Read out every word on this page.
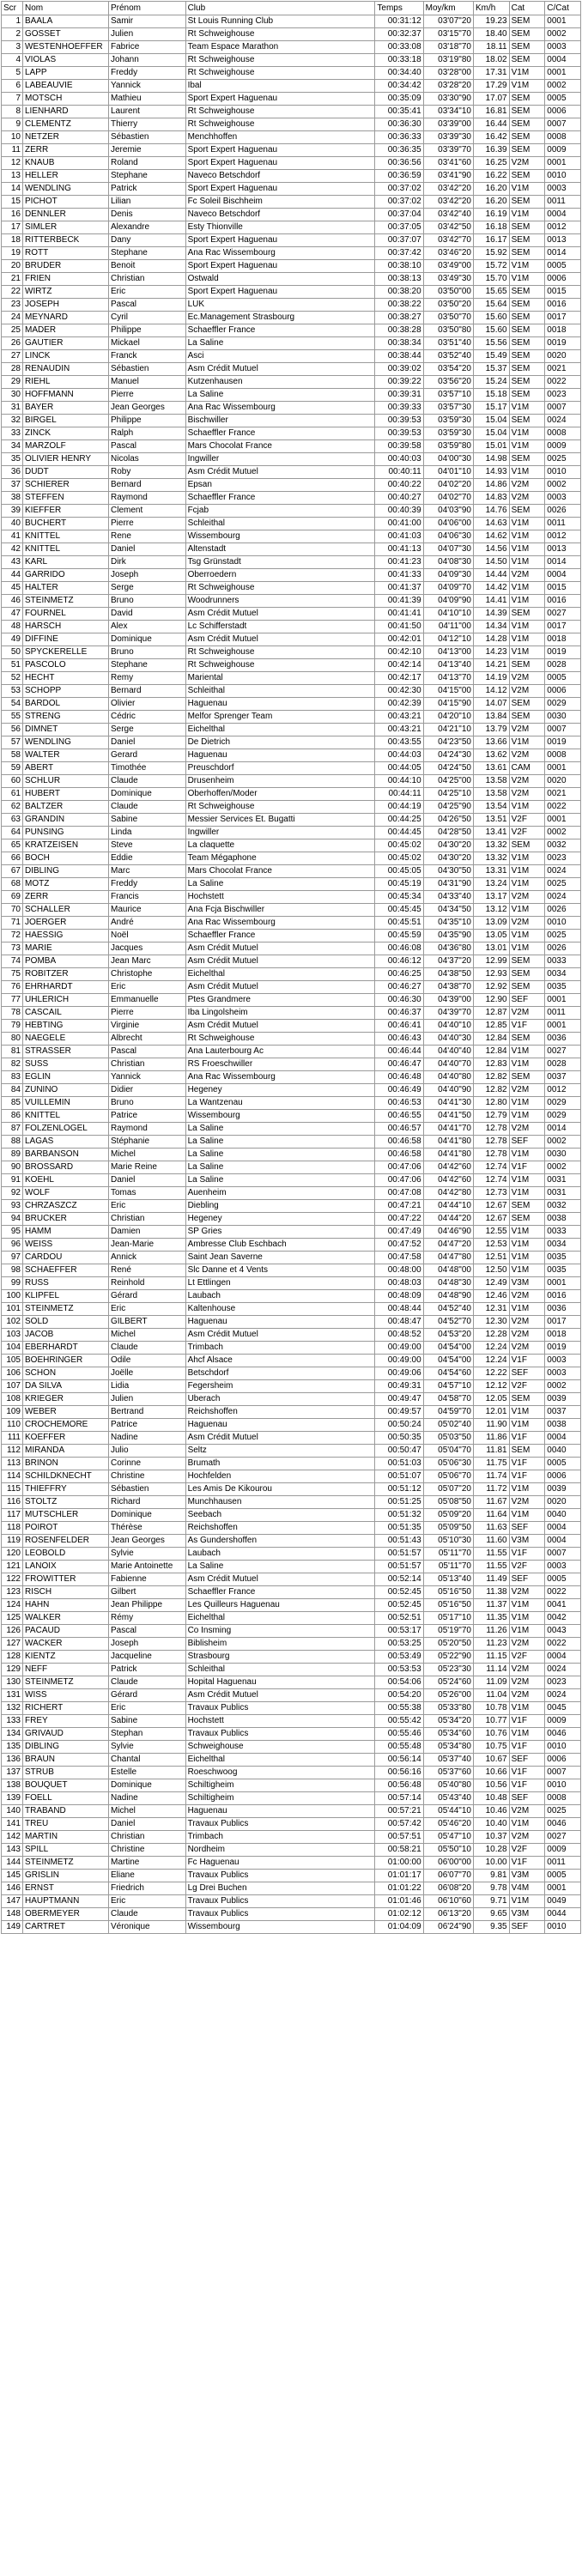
Scr	Nom	Prénom	Club	Temps	Moy/km	Km/h	Cat	C/Cat
1	BAALA	Samir	St Louis Running Club	00:31:12	03'07"20	19.23	SEM	0001
2	GOSSET	Julien	Rt Schweighouse	00:32:37	03'15"70	18.40	SEM	0002
3	WESTENHOEFFER	Fabrice	Team Espace Marathon	00:33:08	03'18"70	18.11	SEM	0003
4	VIOLAS	Johann	Rt Schweighouse	00:33:18	03'19"80	18.02	SEM	0004
5	LAPP	Freddy	Rt Schweighouse	00:34:40	03'28"00	17.31	V1M	0001
6	LABEAUVIE	Yannick	Ibal	00:34:42	03'28"20	17.29	V1M	0002
7	MOTSCH	Mathieu	Sport Expert Haguenau	00:35:09	03'30"90	17.07	SEM	0005
8	LIENHARD	Laurent	Rt Schweighouse	00:35:41	03'34"10	16.81	SEM	0006
9	CLEMENTZ	Thierry	Rt Schweighouse	00:36:30	03'39"00	16.44	SEM	0007
10	NETZER	Sébastien	Menchhoffen	00:36:33	03'39"30	16.42	SEM	0008
11	ZERR	Jeremie	Sport Expert Haguenau	00:36:35	03'39"70	16.39	SEM	0009
12	KNAUB	Roland	Sport Expert Haguenau	00:36:56	03'41"60	16.25	V2M	0001
13	HELLER	Stephane	Naveco Betschdorf	00:36:59	03'41"90	16.22	SEM	0010
14	WENDLING	Patrick	Sport Expert Haguenau	00:37:02	03'42"20	16.20	V1M	0003
15	PICHOT	Lilian	Fc Soleil Bischheim	00:37:02	03'42"20	16.20	SEM	0011
16	DENNLER	Denis	Naveco Betschdorf	00:37:04	03'42"40	16.19	V1M	0004
17	SIMLER	Alexandre	Esty Thionville	00:37:05	03'42"50	16.18	SEM	0012
18	RITTERBECK	Dany	Sport Expert Haguenau	00:37:07	03'42"70	16.17	SEM	0013
19	ROTT	Stephane	Ana Rac Wissembourg	00:37:42	03'46"20	15.92	SEM	0014
20	BRUDER	Benoit	Sport Expert Haguenau	00:38:10	03'49"00	15.72	V1M	0005
21	FRIEN	Christian	Ostwald	00:38:13	03'49"30	15.70	V1M	0006
22	WIRTZ	Eric	Sport Expert Haguenau	00:38:20	03'50"00	15.65	SEM	0015
23	JOSEPH	Pascal	LUK	00:38:22	03'50"20	15.64	SEM	0016
24	MEYNARD	Cyril	Ec.Management Strasbourg	00:38:27	03'50"70	15.60	SEM	0017
25	MADER	Philippe	Schaeffler France	00:38:28	03'50"80	15.60	SEM	0018
26	GAUTIER	Mickael	La Saline	00:38:34	03'51"40	15.56	SEM	0019
27	LINCK	Franck	Asci	00:38:44	03'52"40	15.49	SEM	0020
28	RENAUDIN	Sébastien	Asm Crédit Mutuel	00:39:02	03'54"20	15.37	SEM	0021
29	RIEHL	Manuel	Kutzenhausen	00:39:22	03'56"20	15.24	SEM	0022
30	HOFFMANN	Pierre	La Saline	00:39:31	03'57"10	15.18	SEM	0023
31	BAYER	Jean Georges	Ana Rac Wissembourg	00:39:33	03'57"30	15.17	V1M	0007
32	BIRGEL	Philippe	Bischwiller	00:39:53	03'59"30	15.04	SEM	0024
33	ZINCK	Ralph	Schaeffler France	00:39:53	03'59"30	15.04	V1M	0008
34	MARZOLF	Pascal	Mars Chocolat France	00:39:58	03'59"80	15.01	V1M	0009
35	OLIVIER HENRY	Nicolas	Ingwiller	00:40:03	04'00"30	14.98	SEM	0025
36	DUDT	Roby	Asm Crédit Mutuel	00:40:11	04'01"10	14.93	V1M	0010
37	SCHIERER	Bernard	Epsan	00:40:22	04'02"20	14.86	V2M	0002
38	STEFFEN	Raymond	Schaeffler France	00:40:27	04'02"70	14.83	V2M	0003
39	KIEFFER	Clement	Fcjab	00:40:39	04'03"90	14.76	SEM	0026
40	BUCHERT	Pierre	Schleithal	00:41:00	04'06"00	14.63	V1M	0011
41	KNITTEL	Rene	Wissembourg	00:41:03	04'06"30	14.62	V1M	0012
42	KNITTEL	Daniel	Altenstadt	00:41:13	04'07"30	14.56	V1M	0013
43	KARL	Dirk	Tsg Grünstadt	00:41:23	04'08"30	14.50	V1M	0014
44	GARRIDO	Joseph	Oberroedern	00:41:33	04'09"30	14.44	V2M	0004
45	HALTER	Serge	Rt Schweighouse	00:41:37	04'09"70	14.42	V1M	0015
46	STEINMETZ	Bruno	Woodrunners	00:41:39	04'09"90	14.41	V1M	0016
47	FOURNEL	David	Asm Crédit Mutuel	00:41:41	04'10"10	14.39	SEM	0027
48	HARSCH	Alex	Lc Schifferstadt	00:41:50	04'11"00	14.34	V1M	0017
49	DIFFINE	Dominique	Asm Crédit Mutuel	00:42:01	04'12"10	14.28	V1M	0018
50	SPYCKERELLE	Bruno	Rt Schweighouse	00:42:10	04'13"00	14.23	V1M	0019
51	PASCOLO	Stephane	Rt Schweighouse	00:42:14	04'13"40	14.21	SEM	0028
52	HECHT	Remy	Mariental	00:42:17	04'13"70	14.19	V2M	0005
53	SCHOPP	Bernard	Schleithal	00:42:30	04'15"00	14.12	V2M	0006
54	BARDOL	Olivier	Haguenau	00:42:39	04'15"90	14.07	SEM	0029
55	STRENG	Cédric	Melfor Sprenger Team	00:43:21	04'20"10	13.84	SEM	0030
56	DIMNET	Serge	Eichelthal	00:43:21	04'21"10	13.79	V2M	0007
57	WENDLING	Daniel	De Dietrich	00:43:55	04'23"50	13.66	V1M	0019
58	WALTER	Gerard	Haguenau	00:44:03	04'24"30	13.62	V2M	0008
59	ABERT	Timothée	Preuschdorf	00:44:05	04'24"50	13.61	CAM	0001
60	SCHLUR	Claude	Drusenheim	00:44:10	04'25"00	13.58	V2M	0020
61	HUBERT	Dominique	Oberhoffen/Moder	00:44:11	04'25"10	13.58	V2M	0021
62	BALTZER	Claude	Rt Schweighouse	00:44:19	04'25"90	13.54	V1M	0022
63	GRANDIN	Sabine	Messier Services Et. Bugatti	00:44:25	04'26"50	13.51	V2F	0001
64	PUNSING	Linda	Ingwiller	00:44:45	04'28"50	13.41	V2F	0002
65	KRATZEISEN	Steve	La claquette	00:45:02	04'30"20	13.32	SEM	0032
66	BOCH	Eddie	Team Mégaphone	00:45:02	04'30"20	13.32	V1M	0023
67	DIBLING	Marc	Mars Chocolat France	00:45:05	04'30"50	13.31	V1M	0024
68	MOTZ	Freddy	La Saline	00:45:19	04'31"90	13.24	V1M	0025
69	ZERR	Francis	Hochstett	00:45:34	04'33"40	13.17	V2M	0024
70	SCHALLER	Maurice	Ana Fcja Bischwiller	00:45:45	04'34"50	13.12	V1M	0026
71	JOERGER	André	Ana Rac Wissembourg	00:45:51	04'35"10	13.09	V2M	0010
72	HAESSIG	Noël	Schaeffler France	00:45:59	04'35"90	13.05	V1M	0025
73	MARIE	Jacques	Asm Crédit Mutuel	00:46:08	04'36"80	13.01	V1M	0026
74	POMBA	Jean Marc	Asm Crédit Mutuel	00:46:12	04'37"20	12.99	SEM	0033
75	ROBITZER	Christophe	Eichelthal	00:46:25	04'38"50	12.93	SEM	0034
76	EHRHARDT	Eric	Asm Crédit Mutuel	00:46:27	04'38"70	12.92	SEM	0035
77	UHLERICH	Emmanuelle	Ptes Grandmere	00:46:30	04'39"00	12.90	SEF	0001
78	CASCAIL	Pierre	Iba Lingolsheim	00:46:37	04'39"70	12.87	V2M	0011
79	HEBTING	Virginie	Asm Crédit Mutuel	00:46:41	04'40"10	12.85	V1F	0001
80	NAEGELE	Albrecht	Rt Schweighouse	00:46:43	04'40"30	12.84	SEM	0036
81	STRASSER	Pascal	Ana Lauterbourg Ac	00:46:44	04'40"40	12.84	V1M	0027
82	SUSS	Christian	RS Froeschwiller	00:46:47	04'40"70	12.83	V1M	0028
83	EGLIN	Yannick	Ana Rac Wissembourg	00:46:48	04'40"80	12.82	SEM	0037
84	ZUNINO	Didier	Hegeney	00:46:49	04'40"90	12.82	V2M	0012
85	VUILLEMIN	Bruno	La Wantzenau	00:46:53	04'41"30	12.80	V1M	0029
86	KNITTEL	Patrice	Wissembourg	00:46:55	04'41"50	12.79	V1M	0029
87	FOLZENLOGEL	Raymond	La Saline	00:46:57	04'41"70	12.78	V2M	0014
88	LAGAS	Stéphanie	La Saline	00:46:58	04'41"80	12.78	SEF	0002
89	BARBANSON	Michel	La Saline	00:46:58	04'41"80	12.78	V1M	0030
90	BROSSARD	Marie Reine	La Saline	00:47:06	04'42"60	12.74	V1F	0002
91	KOEHL	Daniel	La Saline	00:47:06	04'42"60	12.74	V1M	0031
92	WOLF	Tomas	Auenheim	00:47:08	04'42"80	12.73	V1M	0031
93	CHRZASZCZ	Eric	Diebling	00:47:21	04'44"10	12.67	SEM	0032
94	BRUCKER	Christian	Hegeney	00:47:22	04'44"20	12.67	SEM	0038
95	HAMM	Damien	SP Gries	00:47:49	04'46"90	12.55	V1M	0033
96	WEISS	Jean-Marie	Ambresse Club Eschbach	00:47:52	04'47"20	12.53	V1M	0034
97	CARDOU	Annick	Saint Jean Saverne	00:47:58	04'47"80	12.51	V1M	0035
98	SCHAEFFER	René	Slc Danne et 4 Vents	00:48:00	04'48"00	12.50	V1M	0035
99	RUSS	Reinhold	Lt Ettlingen	00:48:03	04'48"30	12.49	V3M	0001
100	KLIPFEL	Gérard	Laubach	00:48:09	04'48"90	12.46	V2M	0016
101	STEINMETZ	Eric	Kaltenhouse	00:48:44	04'52"40	12.31	V1M	0036
102	SOLD	GILBERT	Haguenau	00:48:47	04'52"70	12.30	V2M	0017
103	JACOB	Michel	Asm Crédit Mutuel	00:48:52	04'53"20	12.28	V2M	0018
104	EBERHARDT	Claude	Trimbach	00:49:00	04'54"00	12.24	V2M	0019
105	BOEHRINGER	Odile	Ahcf Alsace	00:49:00	04'54"00	12.24	V1F	0003
106	SCHON	Joëlle	Betschdorf	00:49:06	04'54"60	12.22	SEF	0003
107	DA SILVA	Lidia	Fegersheim	00:49:31	04'57"10	12.12	V2F	0002
108	KRIEGER	Julien	Uberach	00:49:47	04'58"70	12.05	SEM	0039
109	WEBER	Bertrand	Reichshoffen	00:49:57	04'59"70	12.01	V1M	0037
110	CROCHEMORE	Patrice	Haguenau	00:50:24	05'02"40	11.90	V1M	0038
111	KOEFFER	Nadine	Asm Crédit Mutuel	00:50:35	05'03"50	11.86	V1F	0004
112	MIRANDA	Julio	Seltz	00:50:47	05'04"70	11.81	SEM	0040
113	BRINON	Corinne	Brumath	00:51:03	05'06"30	11.75	V1F	0005
114	SCHILDKNECHT	Christine	Hochfelden	00:51:07	05'06"70	11.74	V1F	0006
115	THIEFFRY	Sébastien	Les Amis De Kikourou	00:51:12	05'07"20	11.72	V1M	0039
116	STOLTZ	Richard	Munchhausen	00:51:25	05'08"50	11.67	V2M	0020
117	MUTSCHLER	Dominique	Seebach	00:51:32	05'09"20	11.64	V1M	0040
118	POIROT	Thérèse	Reichshoffen	00:51:35	05'09"50	11.63	SEF	0004
119	ROSENFELDER	Jean Georges	As Gundershoffen	00:51:43	05'10"30	11.60	V3M	0004
120	LEOBOLD	Sylvie	Laubach	00:51:57	05'11"70	11.55	V1F	0007
121	LANOIX	Marie Antoinette	La Saline	00:51:57	05'11"70	11.55	V2F	0003
122	FROWITTER	Fabienne	Asm Crédit Mutuel	00:52:14	05'13"40	11.49	SEF	0005
123	RISCH	Gilbert	Schaeffler France	00:52:45	05'16"50	11.38	V2M	0022
124	HAHN	Jean Philippe	Les Quilleurs Haguenau	00:52:45	05'16"50	11.37	V1M	0041
125	WALKER	Rémy	Eichelthal	00:52:51	05'17"10	11.35	V1M	0042
126	PACAUD	Pascal	Co Insming	00:53:17	05'19"70	11.26	V1M	0043
127	WACKER	Joseph	Biblisheim	00:53:25	05'20"50	11.23	V2M	0022
128	KIENTZ	Jacqueline	Strasbourg	00:53:49	05'22"90	11.15	V2F	0004
129	NEFF	Patrick	Schleithal	00:53:53	05'23"30	11.14	V2M	0024
130	STEINMETZ	Claude	Hopital Haguenau	00:54:06	05'24"60	11.09	V2M	0023
131	WISS	Gérard	Asm Crédit Mutuel	00:54:20	05'26"00	11.04	V2M	0024
132	RICHERT	Eric	Travaux Publics	00:55:38	05'33"80	10.78	V1M	0045
133	FREY	Sabine	Hochstett	00:55:42	05'34"20	10.77	V1F	0009
134	GRIVAUD	Stephan	Travaux Publics	00:55:46	05'34"60	10.76	V1M	0046
135	DIBLING	Sylvie	Schweighouse	00:55:48	05'34"80	10.75	V1F	0010
136	BRAUN	Chantal	Eichelthal	00:56:14	05'37"40	10.67	SEF	0006
137	STRUB	Estelle	Roeschwoog	00:56:16	05'37"60	10.66	V1F	0007
138	BOUQUET	Dominique	Schiltigheim	00:56:48	05'40"80	10.56	V1F	0010
139	FOELL	Nadine	Schiltigheim	00:57:14	05'43"40	10.48	SEF	0008
140	TRABAND	Michel	Haguenau	00:57:21	05'44"10	10.46	V2M	0025
141	TREU	Daniel	Travaux Publics	00:57:42	05'46"20	10.40	V1M	0046
142	MARTIN	Christian	Trimbach	00:57:51	05'47"10	10.37	V2M	0027
143	SPILL	Christine	Nordheim	00:58:21	05'50"10	10.28	V2F	0009
144	STEINMETZ	Martine	Fc Haguenau	01:00:00	06'00"00	10.00	V1F	0011
145	GRISLIN	Eliane	Travaux Publics	01:01:17	06'07"70	9.81	V3M	0005
146	ERNST	Friedrich	Lg Drei Buchen	01:01:22	06'08"20	9.78	V4M	0001
147	HAUPTMANN	Eric	Travaux Publics	01:01:46	06'10"60	9.71	V1M	0049
148	OBERMEYER	Claude	Travaux Publics	01:02:12	06'13"20	9.65	V3M	0044
149	CARTRET	Véronique	Wissembourg	01:04:09	06'24"90	9.35	SEF	0010
